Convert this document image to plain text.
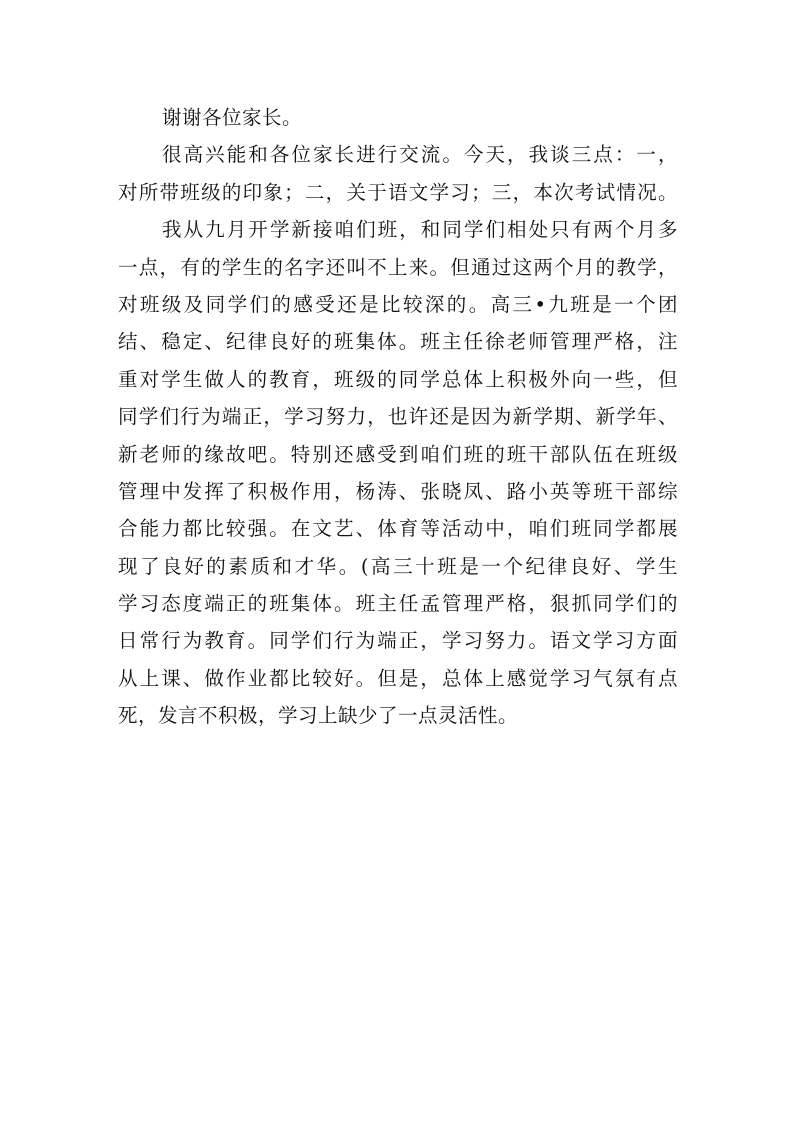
谢谢各位家长。
很高兴能和各位家长进行交流。今天，我谈三点：一，
对所带班级的印象；二，关于语文学习；三，本次考试情况。
我从九月开学新接咱们班，和同学们相处只有两个月多
一点，有的学生的名字还叫不上来。但通过这两个月的教学，
对班级及同学们的感受还是比较深的。高三•九班是一个团
结、稳定、纪律良好的班集体。班主任徐老师管理严格，注
重对学生做人的教育，班级的同学总体上积极外向一些，但
同学们行为端正，学习努力，也许还是因为新学期、新学年、
新老师的缘故吧。特别还感受到咱们班的班干部队伍在班级
管理中发挥了积极作用，杨涛、张晓凤、路小英等班干部综
合能力都比较强。在文艺、体育等活动中，咱们班同学都展
现了良好的素质和才华。(高三十班是一个纪律良好、学生
学习态度端正的班集体。班主任孟管理严格，狠抓同学们的
日常行为教育。同学们行为端正，学习努力。语文学习方面
从上课、做作业都比较好。但是，总体上感觉学习气氛有点
死，发言不积极，学习上缺少了一点灵活性。
